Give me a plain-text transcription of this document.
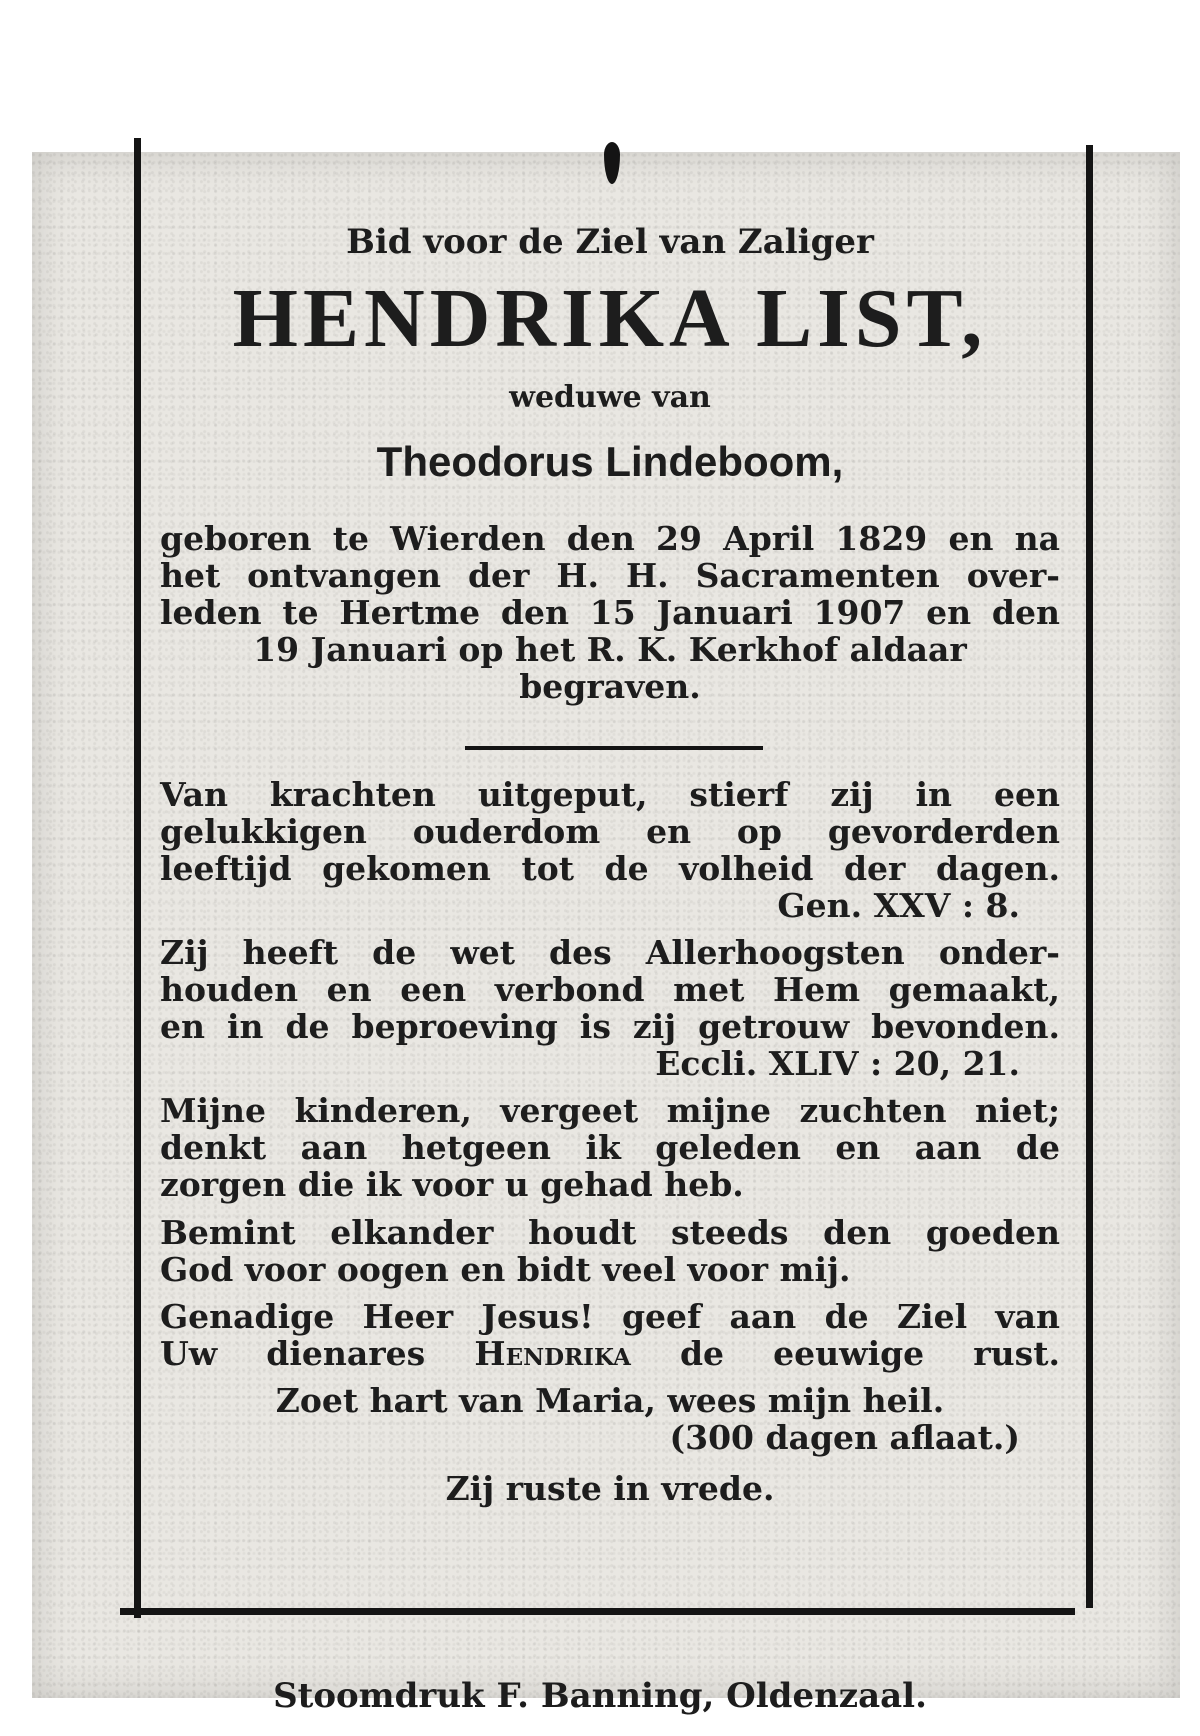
Bid voor de Ziel van Zaliger

HENDRIKA LIST,

weduwe van

Theodorus Lindeboom,

geboren te Wierden den 29 April 1829 en na

het ontvangen der H. H. Sacramenten over-

leden te Hertme den 15 Januari 1907 en den

19 Januari op het R. K. Kerkhof aldaar

begraven.

Van krachten uitgeput, stierf zij in een

gelukkigen ouderdom en op gevorderden

leeftijd gekomen tot de volheid der dagen.

Gen. XXV : 8.

Zij heeft de wet des Allerhoogsten onder-

houden en een verbond met Hem gemaakt,

en in de beproeving is zij getrouw bevonden.

Eccli. XLIV : 20, 21.

Mijne kinderen, vergeet mijne zuchten niet;

denkt aan hetgeen ik geleden en aan de

zorgen die ik voor u gehad heb.

Bemint elkander houdt steeds den goeden

God voor oogen en bidt veel voor mij.

Genadige Heer Jesus! geef aan de Ziel van

Uw dienares Hendrika de eeuwige rust.

Zoet hart van Maria, wees mijn heil.

(300 dagen aflaat.)

Zij ruste in vrede.

Stoomdruk F. Banning, Oldenzaal.
